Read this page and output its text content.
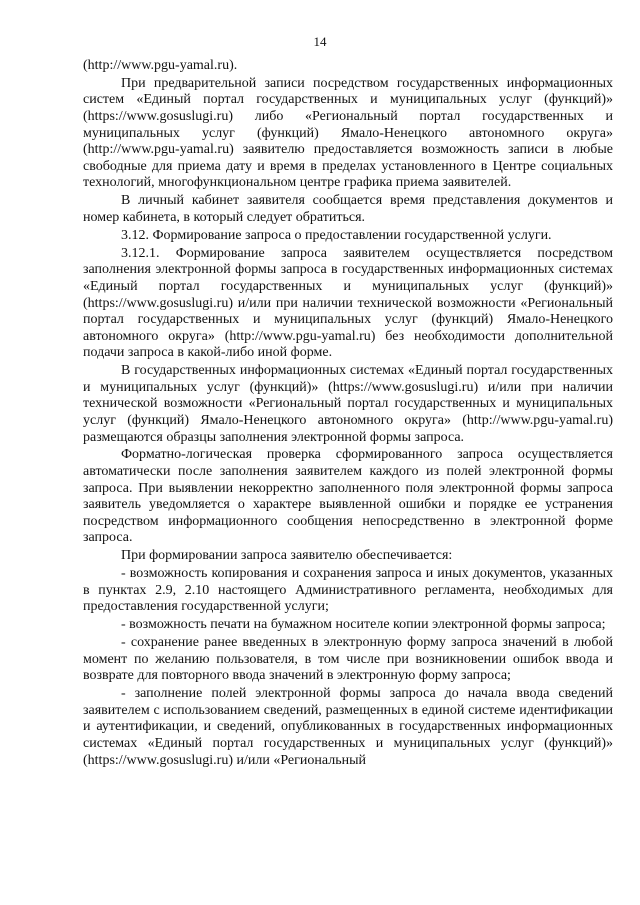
14

(http://www.pgu-yamal.ru).

При предварительной записи посредством государственных информационных систем «Единый портал государственных и муниципальных услуг (функций)» (https://www.gosuslugi.ru) либо «Региональный портал государственных и муниципальных услуг (функций) Ямало-Ненецкого автономного округа» (http://www.pgu-yamal.ru) заявителю предоставляется возможность записи в любые свободные для приема дату и время в пределах установленного в Центре социальных технологий, многофункциональном центре графика приема заявителей.

В личный кабинет заявителя сообщается время представления документов и номер кабинета, в который следует обратиться.

3.12. Формирование запроса о предоставлении государственной услуги.

3.12.1. Формирование запроса заявителем осуществляется посредством заполнения электронной формы запроса в государственных информационных системах «Единый портал государственных и муниципальных услуг (функций)» (https://www.gosuslugi.ru) и/или при наличии технической возможности «Региональный портал государственных и муниципальных услуг (функций) Ямало-Ненецкого автономного округа» (http://www.pgu-yamal.ru) без необходимости дополнительной подачи запроса в какой-либо иной форме.

В государственных информационных системах «Единый портал государственных и муниципальных услуг (функций)» (https://www.gosuslugi.ru) и/или при наличии технической возможности «Региональный портал государственных и муниципальных услуг (функций) Ямало-Ненецкого автономного округа» (http://www.pgu-yamal.ru) размещаются образцы заполнения электронной формы запроса.

Форматно-логическая проверка сформированного запроса осуществляется автоматически после заполнения заявителем каждого из полей электронной формы запроса. При выявлении некорректно заполненного поля электронной формы запроса заявитель уведомляется о характере выявленной ошибки и порядке ее устранения посредством информационного сообщения непосредственно в электронной форме запроса.

При формировании запроса заявителю обеспечивается:

- возможность копирования и сохранения запроса и иных документов, указанных в пунктах 2.9, 2.10 настоящего Административного регламента, необходимых для предоставления государственной услуги;

- возможность печати на бумажном носителе копии электронной формы запроса;

- сохранение ранее введенных в электронную форму запроса значений в любой момент по желанию пользователя, в том числе при возникновении ошибок ввода и возврате для повторного ввода значений в электронную форму запроса;

- заполнение полей электронной формы запроса до начала ввода сведений заявителем с использованием сведений, размещенных в единой системе идентификации и аутентификации, и сведений, опубликованных в государственных информационных системах «Единый портал государственных и муниципальных услуг (функций)» (https://www.gosuslugi.ru) и/или «Региональный
